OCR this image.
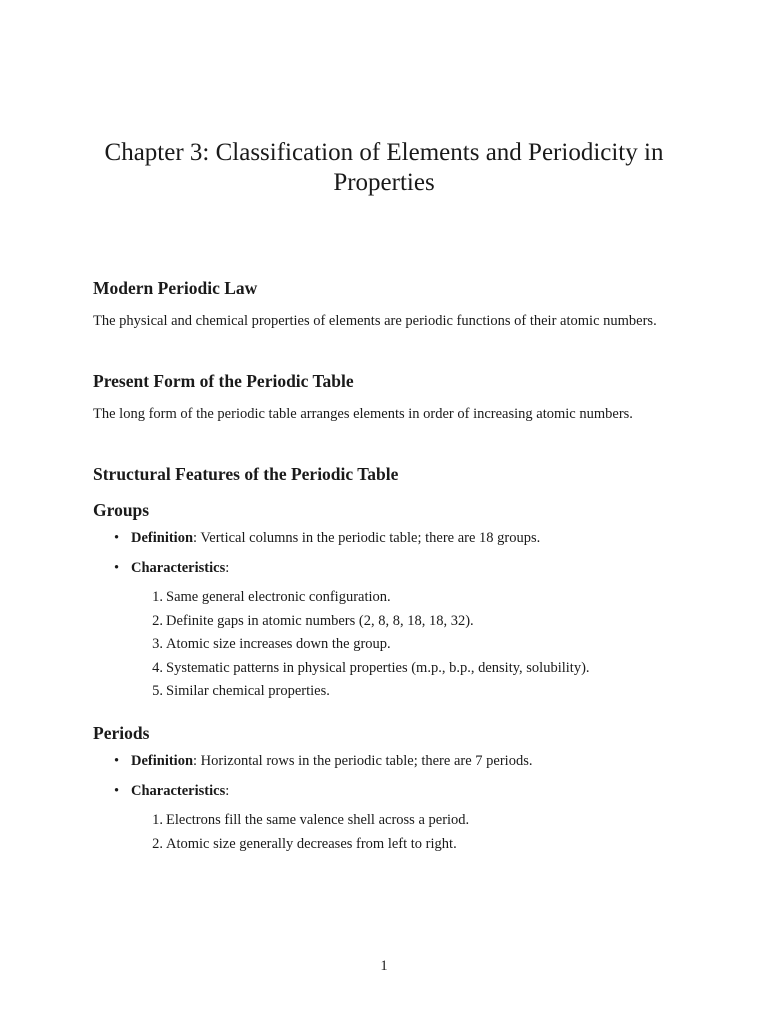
Chapter 3: Classification of Elements and Periodicity in Properties
Modern Periodic Law

The physical and chemical properties of elements are periodic functions of their atomic numbers.

Present Form of the Periodic Table

The long form of the periodic table arranges elements in order of increasing atomic numbers.

Structural Features of the Periodic Table
Groups
• Definition: Vertical columns in the periodic table; there are 18 groups.
• Characteristics:
1. Same general electronic configuration.
2. Definite gaps in atomic numbers (2, 8, 8, 18, 18, 32).
3. Atomic size increases down the group.
4. Systematic patterns in physical properties (m.p., b.p., density, solubility).
5. Similar chemical properties.
Periods
• Definition: Horizontal rows in the periodic table; there are 7 periods.
• Characteristics:
1. Electrons fill the same valence shell across a period.
2. Atomic size generally decreases from left to right.
1
